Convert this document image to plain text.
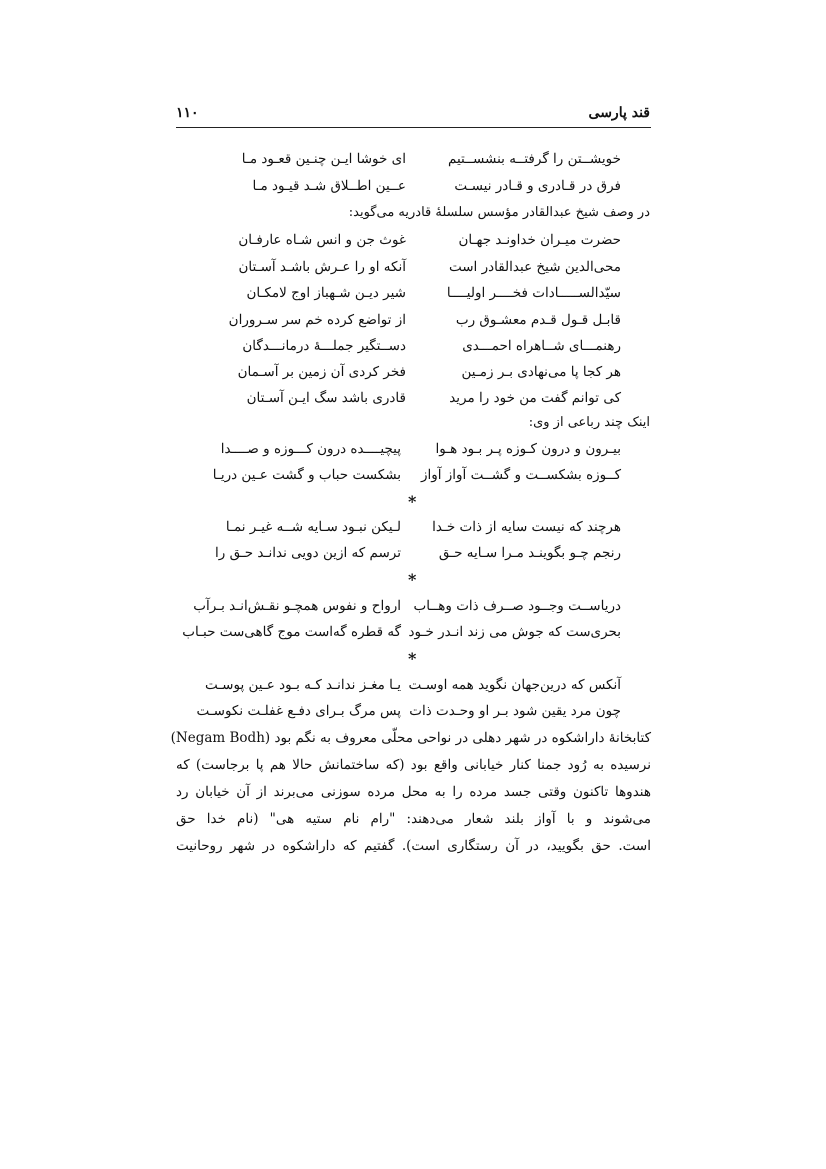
قند پارسی
۱۱۰
خویشــتن را گرفتــه بنشســتیم
ای خوشا ایـن چنـین قعـود مـا
فرق در قـادری و قـادر نیسـت
عــین اطــلاق شـد قیـود مـا
در وصف شیخ عبدالقادر مؤسس سلسلهٔ قادریه می‌گوید:
حضرت میـران خداونـد جهـان
غوث جن و انس شـاه عارفـان
محی‌الدین شیخ عبدالقادر است
آنکه او را عـرش باشـد آسـتان
سیّدالســـــادات فخــــر اولیــــا
شیر دیـن شـهباز اوج لامکـان
قابـل قـول قـدم معشـوق رب
از تواضع کرده خم سر سـروران
رهنمـــای شــاهراه احمـــدی
دســتگیر جملـــهٔ درمانـــدگان
هر کجا پا می‌نهادی بـر زمـین
فخر کردی آن زمین بر آسـمان
کی توانم گفت من خود را مرید
قادری باشد سگ ایـن آسـتان
اینک چند رباعی از وی:
بیـرون و درون کـوزه پـر بـود هـوا
پیچیــــده درون کـــوزه و صــــدا
کــوزه بشکســت و گشــت آواز آواز
بشکست حباب و گشت عـین دریـا
*
هرچند که نیست سایه از ذات خـدا
لـیکن نبـود سـایه شــه غیـر نمـا
رنجم چـو بگوینـد مـرا سـایه حـق
ترسم که ازین دویی ندانـد حـق را
*
دریاســت وجــود صــرف ذات وهــاب
ارواح و نفوس همچـو نقـش‌انـد بـرآب
بحری‌ست که جوش می زند انـدر خـود
گه قطره گه‌است موج گاهی‌ست حبـاب
*
آنکس که درین‌جهان نگوید همه اوسـت
یـا مغـز ندانـد کـه بـود عـین پوسـت
چون مرد یقین شود بـر او وحـدت ذات
پس مرگ بـرای دفـع غفلـت نکوسـت
کتابخانهٔ داراشکوه در شهر دهلی در نواحی محلّی معروف به نگم بود (Negam Bodh)
نرسیده به رُود جمنا کنار خیابانی واقع بود (که ساختمانش حالا هم پا برجاست) که
هندوها تاکنون وقتی جسد مرده را به محل مرده سوزنی می‌برند از آن خیابان رد
می‌شوند و با آواز بلند شعار می‌دهند: "رام نام ستیه هی" (نام خدا حق
است. حق بگویید، در آن رستگاری است). گفتیم که داراشکوه در شهر روحانیت
